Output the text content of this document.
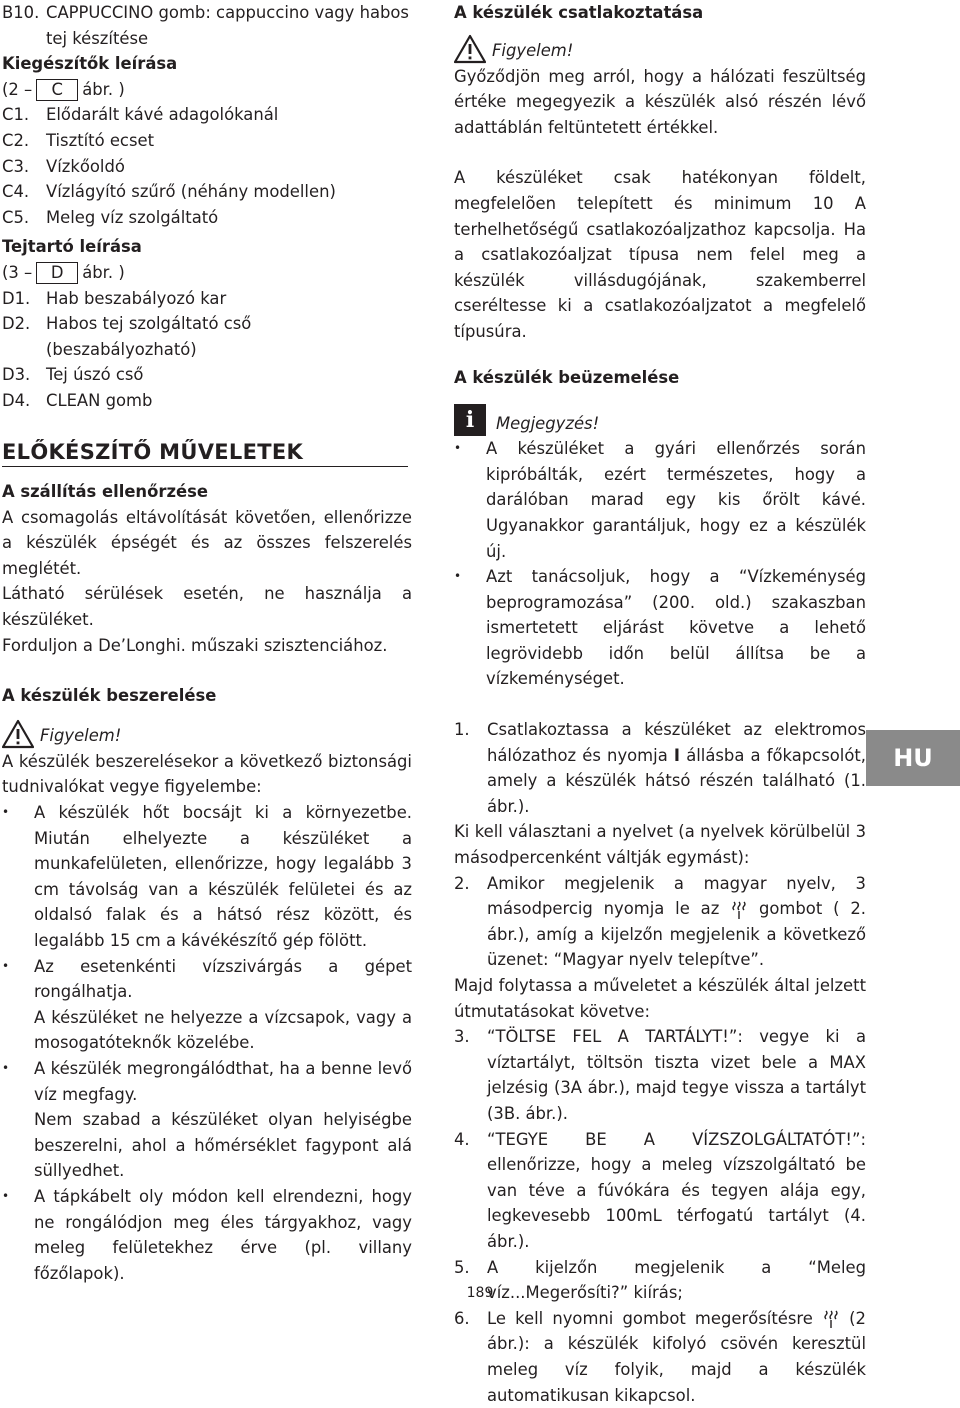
B10. CAPPUCCINO gomb: cappuccino vagy habos

tej készítése

Kiegészítők leírása

(2 – C ábr. )

C1. Elődarált kávé adagolókanál

C2. Tisztító ecset

C3. Vízkőoldó

C4. Vízlágyító szűrő (néhány modellen)

C5. Meleg víz szolgáltató

Tejtartó leírása

(3 – D ábr. )

D1. Hab beszabályozó kar

D2. Habos tej szolgáltató cső

(beszabályozható)

D3. Tej úszó cső

D4. CLEAN gomb

ELŐKÉSZÍTŐ MŰVELETEK

A szállítás ellenőrzése

A csomagolás eltávolítását követően, ellenőrizze a készülék épségét és az összes felszerelés meglétét.

Látható sérülések esetén, ne használja a készüléket.

Forduljon a De’Longhi. műszaki szisztenciához.

A készülék beszerelése

Figyelem!

A készülék beszerelésekor a következő biztonsági tudnivalókat vegye figyelembe:

• A készülék hőt bocsájt ki a környezetbe. Miután elhelyezte a készüléket a munkafelületen, ellenőrizze, hogy legalább 3 cm távolság van a készülék felületei és az oldalsó falak és a hátsó rész között, és legalább 15 cm a kávékészítő gép fölött.

• Az esetenkénti vízszivárgás a gépet rongálhatja.

A készüléket ne helyezze a vízcsapok, vagy a mosogatóteknők közelébe.

• A készülék megrongálódthat, ha a benne levő víz megfagy.

Nem szabad a készüléket olyan helyiségbe beszerelni, ahol a hőmérséklet fagypont alá süllyedhet.

• A tápkábelt oly módon kell elrendezni, hogy ne rongálódjon meg éles tárgyakhoz, vagy meleg felületekhez érve (pl. villany főzőlapok).

A készülék csatlakoztatása

Figyelem!

Győződjön meg arról, hogy a hálózati feszültség értéke megegyezik a készülék alsó részén lévő adattáblán feltüntetett értékkel.

A készüléket csak hatékonyan földelt, megfelelõen telepített és minimum 10 A terhelhetőségű csatlakozóaljzathoz kapcsolja. Ha a csatlakozóaljzat típusa nem felel meg a készülék villásdugójának, szakemberrel cseréltesse ki a csatlakozóaljzatot a megfelelő típusúra.

A készülék beüzemelése

i	Megjegyzés!

• A készüléket a gyári ellenőrzés során kipróbálták, ezért természetes, hogy a darálóban marad egy kis őrölt kávé. Ugyanakkor garantáljuk, hogy ez a készülék új.

• Azt tanácsoljuk, hogy a “Vízkeménység beprogramozása” (200. old.) szakaszban ismertetett eljárást követve a lehető legrövidebb időn belül állítsa be a vízkeménységet.

1. Csatlakoztassa a készüléket az elektromos hálózathoz és nyomja I állásba a főkapcsolót, amely a készülék hátsó részén található (1. ábr.).

Ki kell választani a nyelvet (a nyelvek körülbelül 3 másodpercenként váltják egymást):

2. Amikor megjelenik a magyar nyelv, 3 másodpercig nyomja le az gombot ( 2. ábr.), amíg a kijelzőn megjelenik a következő üzenet: “Magyar nyelv telepítve”.

Majd folytassa a műveletet a készülék által jelzett útmutatásokat követve:

3. “TÖLTSE FEL A TARTÁLYT!”: vegye ki a víztartályt, töltsön tiszta vizet bele a MAX jelzésig (3A ábr.), majd tegye vissza a tartályt (3B. ábr.).

4. “TEGYE BE A VÍZSZOLGÁLTATÓT!”: ellenőrizze, hogy a meleg vízszolgáltató be van téve a fúvókára és tegyen alája egy, legkevesebb 100mL térfogatú tartályt (4. ábr.).

5. A kijelzőn megjelenik a “Meleg víz...Megerősíti?” kiírás;

6. Le kell nyomni gombot megerősítésre (2 ábr.): a készülék kifolyó csövén keresztül meleg víz folyik, majd a készülék automatikusan kikapcsol.

HU
189
